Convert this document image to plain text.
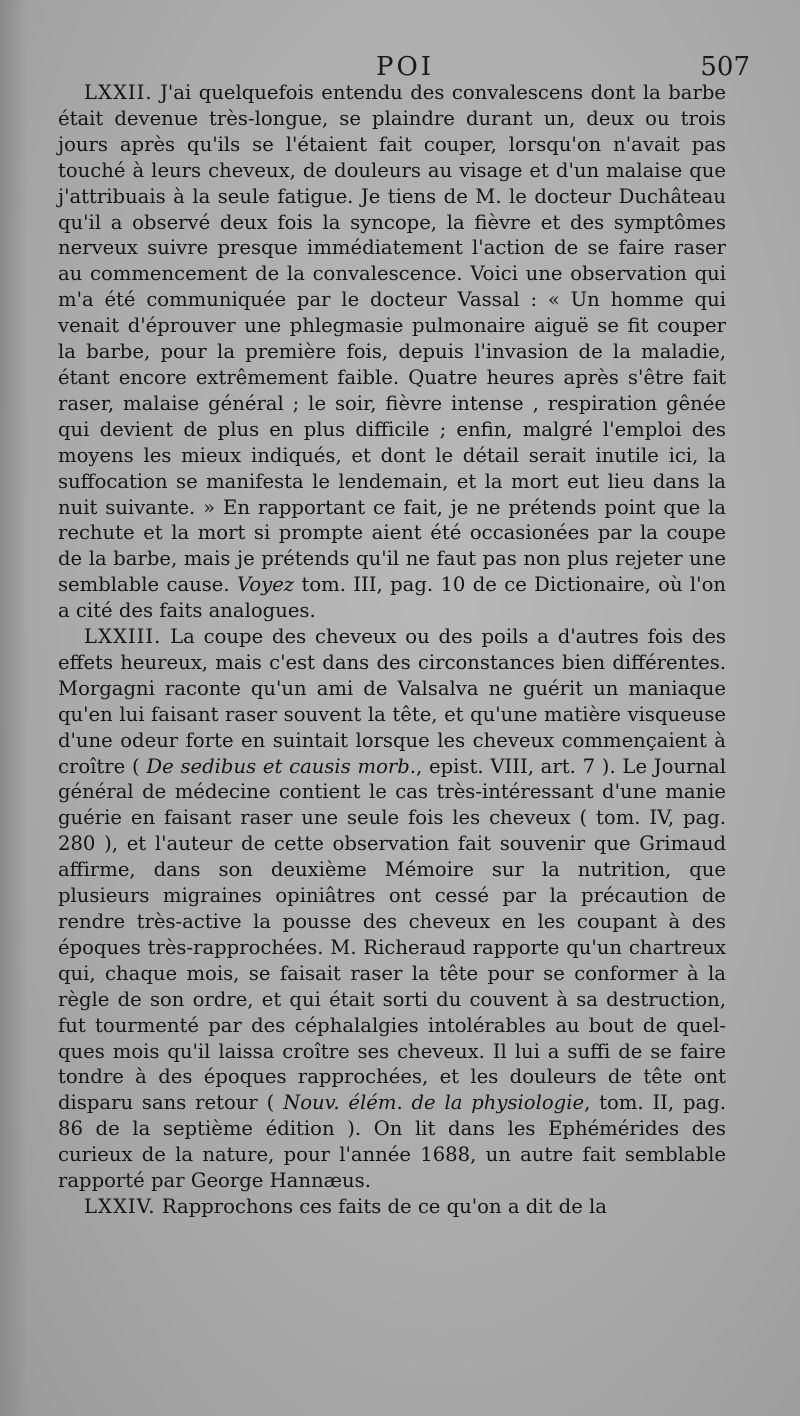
POI	507

LXXII. J'ai quelquefois entendu des convalescens dont la barbe était devenue très-longue, se plaindre durant un, deux ou trois jours après qu'ils se l'étaient fait couper, lorsqu'on n'avait pas touché à leurs cheveux, de douleurs au visage et d'un malaise que j'attribuais à la seule fatigue. Je tiens de M. le docteur Duchâteau qu'il a observé deux fois la syncope, la fièvre et des symptômes nerveux suivre presque immédiatement l'action de se faire raser au commencement de la convalescence. Voici une observation qui m'a été communiquée par le docteur Vassal : « Un homme qui venait d'éprouver une phlegmasie pulmonaire aiguë se fit couper la barbe, pour la première fois, depuis l'invasion de la maladie, étant encore extrêmement faible. Quatre heures après s'être fait raser, malaise général ; le soir, fièvre intense , respiration gênée qui devient de plus en plus difficile ; enfin, malgré l'emploi des moyens les mieux indiqués, et dont le détail serait inutile ici, la suffocation se manifesta le lendemain, et la mort eut lieu dans la nuit suivante. » En rapportant ce fait, je ne prétends point que la rechute et la mort si prompte aient été occasionées par la coupe de la barbe, mais je prétends qu'il ne faut pas non plus rejeter une semblable cause. Voyez tom. III, pag. 10 de ce Dictionaire, où l'on a cité des faits analogues.

LXXIII. La coupe des cheveux ou des poils a d'autres fois des effets heureux, mais c'est dans des circonstances bien différentes. Morgagni raconte qu'un ami de Valsalva ne guérit un maniaque qu'en lui faisant raser souvent la tête, et qu'une matière visqueuse d'une odeur forte en suintait lorsque les cheveux commençaient à croître ( De sedibus et causis morb., epist. VIII, art. 7 ). Le Journal général de médecine contient le cas très-intéressant d'une manie guérie en faisant raser une seule fois les cheveux ( tom. IV, pag. 280 ), et l'auteur de cette observation fait souvenir que Grimaud affirme, dans son deuxième Mémoire sur la nutrition, que plusieurs migraines opiniâtres ont cessé par la précaution de rendre très-active la pousse des cheveux en les coupant à des époques très-rapprochées. M. Richeraud rapporte qu'un chartreux qui, chaque mois, se faisait raser la tête pour se conformer à la règle de son ordre, et qui était sorti du couvent à sa destruction, fut tourmenté par des céphalalgies intolérables au bout de quelques mois qu'il laissa croître ses cheveux. Il lui a suffi de se faire tondre à des époques rapprochées, et les douleurs de tête ont disparu sans retour ( Nouv. élém. de la physiologie, tom. II, pag. 86 de la septième édition ). On lit dans les Ephémérides des curieux de la nature, pour l'année 1688, un autre fait semblable rapporté par George Hannæus.

LXXIV. Rapprochons ces faits de ce qu'on a dit de la
